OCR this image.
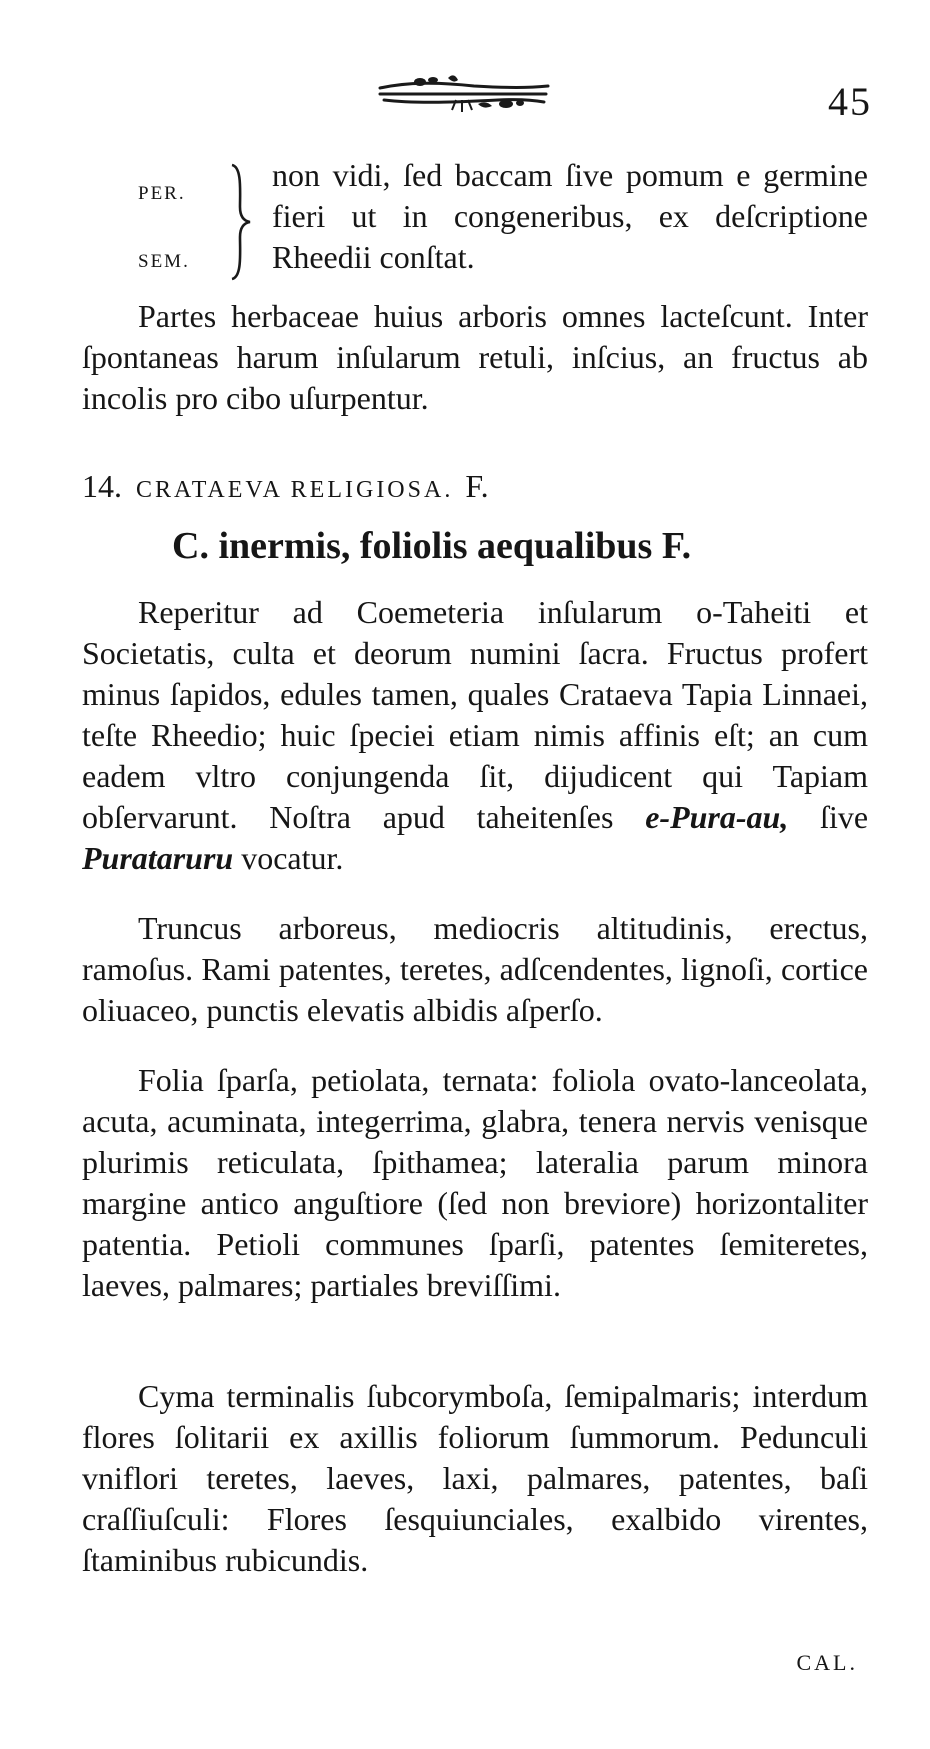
45
PER.
SEM.
non vidi, ſed baccam ſive pomum e germine fieri ut in congeneribus, ex deſcriptione Rheedii conſtat.
Partes herbaceae huius arboris omnes lacteſcunt. Inter ſpontaneas harum inſularum retuli, inſcius, an fructus ab incolis pro cibo uſurpentur.
14. CRATAEVA RELIGIOSA. F.
C. inermis, foliolis aequalibus F.
Reperitur ad Coemeteria inſularum o-Taheiti et Societatis, culta et deorum numini ſacra. Fructus profert minus ſapidos, edules tamen, quales Crataeva Tapia Linnaei, teſte Rheedio; huic ſpeciei etiam nimis affinis eſt; an cum eadem vltro conjungenda ſit, dijudicent qui Tapiam obſervarunt. Noſtra apud taheitenſes e-Pura-au, ſive Purataruru vocatur.
Truncus arboreus, mediocris altitudinis, erectus, ramoſus. Rami patentes, teretes, adſcendentes, lignoſi, cortice oliuaceo, punctis elevatis albidis aſperſo.
Folia ſparſa, petiolata, ternata: foliola ovato-lanceolata, acuta, acuminata, integerrima, glabra, tenera nervis venisque plurimis reticulata, ſpithamea; lateralia parum minora margine antico anguſtiore (ſed non breviore) horizontaliter patentia. Petioli communes ſparſi, patentes ſemiteretes, laeves, palmares; partiales breviſſimi.
Cyma terminalis ſubcorymboſa, ſemipalmaris; interdum flores ſolitarii ex axillis foliorum ſummorum. Pedunculi vniflori teretes, laeves, laxi, palmares, patentes, baſi craſſiuſculi: Flores ſesquiunciales, exalbido virentes, ſtaminibus rubicundis.
CAL.
